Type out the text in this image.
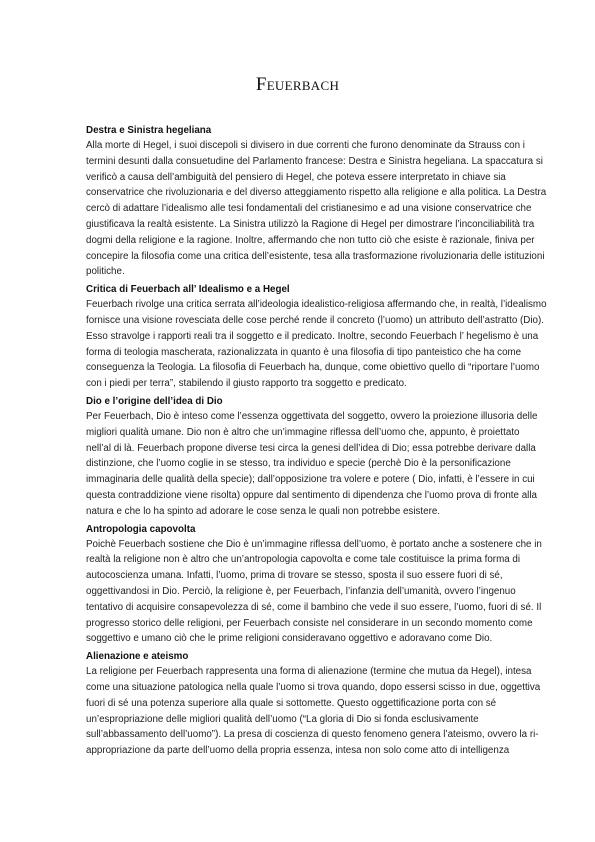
Feuerbach
Destra e Sinistra hegeliana
Alla morte di Hegel, i suoi discepoli si divisero in due correnti che furono denominate da Strauss con i
termini desunti dalla consuetudine del Parlamento francese: Destra e Sinistra hegeliana. La spaccatura si
verificò a causa dell’ambiguità del pensiero di Hegel, che poteva essere interpretato in chiave sia
conservatrice che rivoluzionaria e del diverso atteggiamento rispetto alla religione e alla politica. La Destra
cercò di adattare l’idealismo alle tesi fondamentali del cristianesimo e ad una visione conservatrice che
giustificava la realtà esistente. La Sinistra utilizzò la Ragione di Hegel per dimostrare l’inconciliabilità tra
dogmi della religione e la ragione. Inoltre, affermando che non tutto ciò che esiste è razionale, finiva per
concepire la filosofia come una critica dell’esistente, tesa alla trasformazione rivoluzionaria delle istituzioni
politiche.
Critica di Feuerbach all’ Idealismo e a Hegel
Feuerbach rivolge una critica serrata all’ideologia idealistico-religiosa affermando che, in realtà, l’idealismo
fornisce una visione rovesciata delle cose perché rende il concreto (l’uomo) un attributo dell’astratto (Dio).
Esso stravolge i rapporti reali tra il soggetto e il predicato. Inoltre, secondo Feuerbach l’ hegelismo è una
forma di teologia mascherata, razionalizzata in quanto è una filosofia di tipo panteistico che ha come
conseguenza la Teologia. La filosofia di Feuerbach ha, dunque, come obiettivo quello di “riportare l’uomo
con i piedi per terra”, stabilendo il giusto rapporto tra soggetto e predicato.
Dio e l’origine dell’idea di Dio
Per Feuerbach, Dio è inteso come l’essenza oggettivata del soggetto, ovvero la proiezione illusoria delle
migliori qualità umane. Dio non è altro che un’immagine riflessa dell’uomo che, appunto, è proiettato
nell’al di là. Feuerbach propone diverse tesi circa la genesi dell’idea di Dio; essa potrebbe derivare dalla
distinzione, che l’uomo coglie in se stesso, tra individuo e specie (perchè Dio è la personificazione
immaginaria delle qualità della specie); dall’opposizione tra volere e potere ( Dio, infatti, è l’essere in cui
questa contraddizione viene risolta) oppure dal sentimento di dipendenza che l’uomo prova di fronte alla
natura e che lo ha spinto ad adorare le cose senza le quali non potrebbe esistere.
Antropologia capovolta
Poichè Feuerbach sostiene che Dio è un’immagine riflessa dell’uomo, è portato anche a sostenere che in
realtà la religione non è altro che un’antropologia capovolta e come tale costituisce la prima forma di
autocoscienza umana. Infatti, l’uomo, prima di trovare se stesso, sposta il suo essere fuori di sé,
oggettivandosi in Dio. Perciò, la religione è, per Feuerbach, l’infanzia dell’umanità, ovvero l’ingenuo
tentativo di acquisire consapevolezza di sé, come il bambino che vede il suo essere, l’uomo, fuori di sé. Il
progresso storico delle religioni, per Feuerbach consiste nel considerare in un secondo momento come
soggettivo e umano ciò che le prime religioni consideravano oggettivo e adoravano come Dio.
Alienazione e ateismo
La religione per Feuerbach rappresenta una forma di alienazione (termine che mutua da Hegel), intesa
come una situazione patologica nella quale l’uomo si trova quando, dopo essersi scisso in due, oggettiva
fuori di sé una potenza superiore alla quale si sottomette. Questo oggettificazione porta con sé
un’espropriazione delle migliori qualità dell’uomo (“La gloria di Dio si fonda esclusivamente
sull’abbassamento dell’uomo”). La presa di coscienza di questo fenomeno genera l’ateismo, ovvero la ri-
appropriazione da parte dell’uomo della propria essenza, intesa non solo come atto di intelligenza
